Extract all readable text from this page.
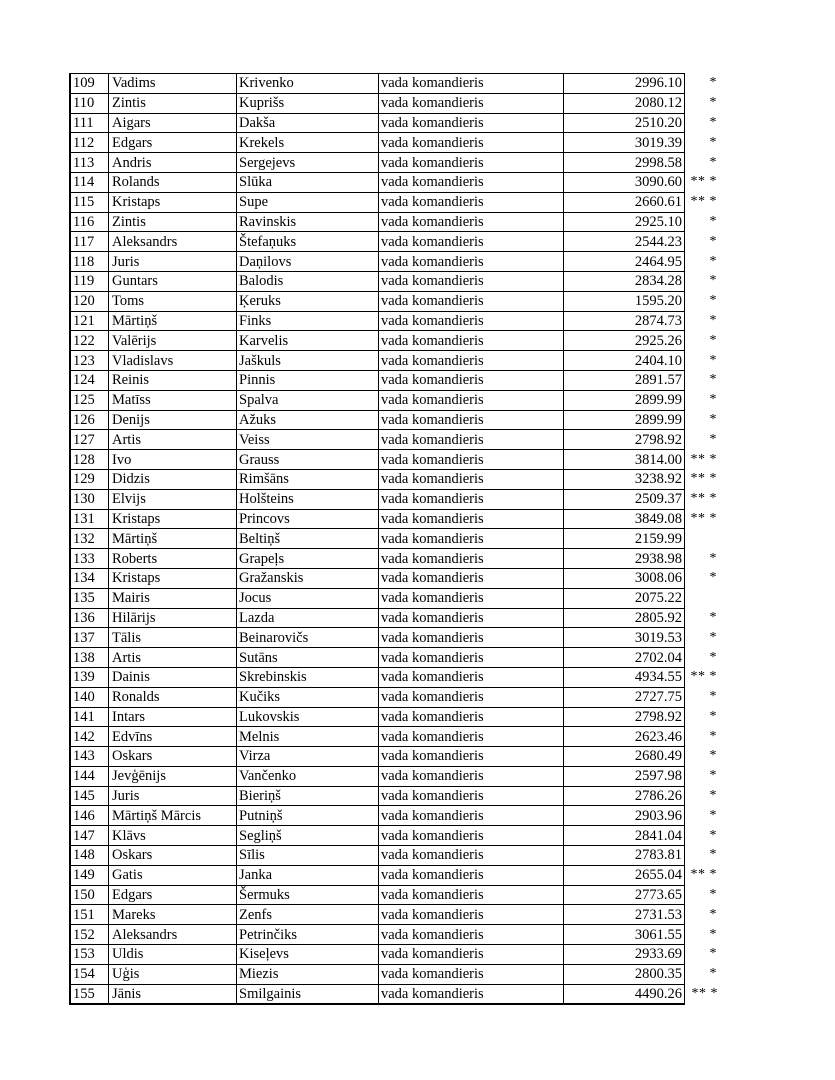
109	Vadims	Krivenko	vada komandieris	2996.10	*
110	Zintis	Kuprišs	vada komandieris	2080.12	*
111	Aigars	Dakša	vada komandieris	2510.20	*
112	Edgars	Krekels	vada komandieris	3019.39	*
113	Andris	Sergejevs	vada komandieris	2998.58	*
114	Rolands	Slūka	vada komandieris	3090.60	** *
115	Kristaps	Supe	vada komandieris	2660.61	** *
116	Zintis	Ravinskis	vada komandieris	2925.10	*
117	Aleksandrs	Štefaņuks	vada komandieris	2544.23	*
118	Juris	Daņilovs	vada komandieris	2464.95	*
119	Guntars	Balodis	vada komandieris	2834.28	*
120	Toms	Ķeruks	vada komandieris	1595.20	*
121	Mārtiņš	Finks	vada komandieris	2874.73	*
122	Valērijs	Karvelis	vada komandieris	2925.26	*
123	Vladislavs	Jaškuls	vada komandieris	2404.10	*
124	Reinis	Pinnis	vada komandieris	2891.57	*
125	Matīss	Spalva	vada komandieris	2899.99	*
126	Denijs	Ažuks	vada komandieris	2899.99	*
127	Artis	Veiss	vada komandieris	2798.92	*
128	Ivo	Grauss	vada komandieris	3814.00	** *
129	Didzis	Rimšāns	vada komandieris	3238.92	** *
130	Elvijs	Holšteins	vada komandieris	2509.37	** *
131	Kristaps	Princovs	vada komandieris	3849.08	** *
132	Mārtiņš	Beltiņš	vada komandieris	2159.99	
133	Roberts	Grapeļs	vada komandieris	2938.98	*
134	Kristaps	Gražanskis	vada komandieris	3008.06	*
135	Mairis	Jocus	vada komandieris	2075.22	
136	Hilārijs	Lazda	vada komandieris	2805.92	*
137	Tālis	Beinarovičs	vada komandieris	3019.53	*
138	Artis	Sutāns	vada komandieris	2702.04	*
139	Dainis	Skrebinskis	vada komandieris	4934.55	** *
140	Ronalds	Kučiks	vada komandieris	2727.75	*
141	Intars	Lukovskis	vada komandieris	2798.92	*
142	Edvīns	Melnis	vada komandieris	2623.46	*
143	Oskars	Virza	vada komandieris	2680.49	*
144	Jevģēnijs	Vančenko	vada komandieris	2597.98	*
145	Juris	Bieriņš	vada komandieris	2786.26	*
146	Mārtiņš Mārcis	Putniņš	vada komandieris	2903.96	*
147	Klāvs	Segliņš	vada komandieris	2841.04	*
148	Oskars	Sīlis	vada komandieris	2783.81	*
149	Gatis	Janka	vada komandieris	2655.04	** *
150	Edgars	Šermuks	vada komandieris	2773.65	*
151	Mareks	Zenfs	vada komandieris	2731.53	*
152	Aleksandrs	Petrinčiks	vada komandieris	3061.55	*
153	Uldis	Kiseļevs	vada komandieris	2933.69	*
154	Uģis	Miezis	vada komandieris	2800.35	*
155	Jānis	Smilgainis	vada komandieris	4490.26	** *
